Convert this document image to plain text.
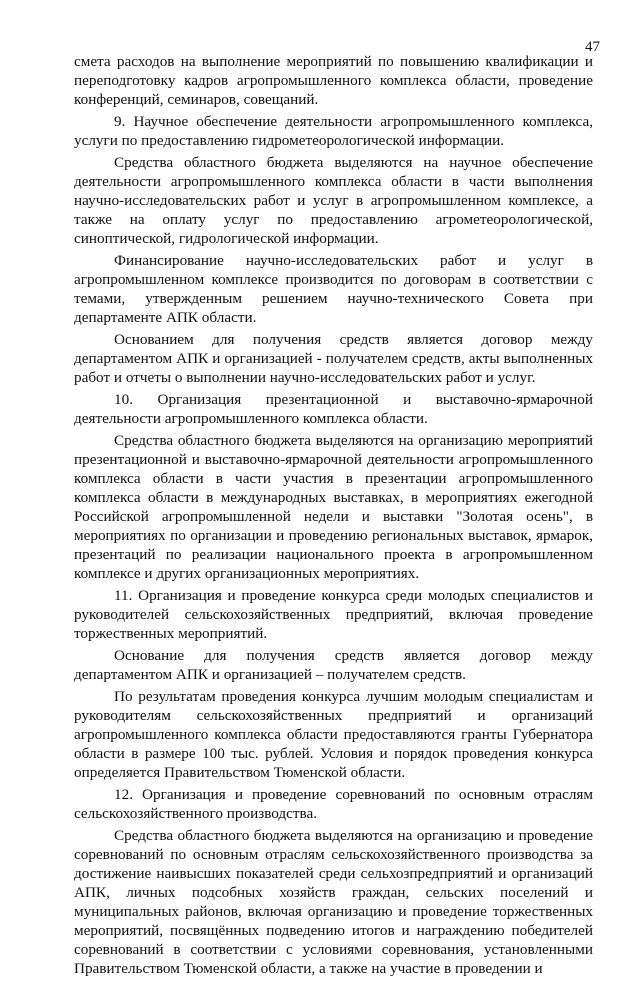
47

смета расходов на выполнение мероприятий по повышению квалификации и переподготовку кадров агропромышленного комплекса области, проведение конференций, семинаров, совещаний.

9. Научное обеспечение деятельности агропромышленного комплекса, услуги по предоставлению гидрометеорологической информации.

Средства областного бюджета выделяются на научное обеспечение деятельности агропромышленного комплекса области в части выполнения научно-исследовательских работ и услуг в агропромышленном комплексе, а также на оплату услуг по предоставлению агрометеорологической, синоптической, гидрологической информации.

Финансирование научно-исследовательских работ и услуг в агропромышленном комплексе производится по договорам в соответствии с темами, утвержденным решением научно-технического Совета при департаменте АПК области.

Основанием для получения средств является договор между департаментом АПК и организацией - получателем средств, акты выполненных работ и отчеты о выполнении научно-исследовательских работ и услуг.

10. Организация презентационной и выставочно-ярмарочной деятельности агропромышленного комплекса области.

Средства областного бюджета выделяются на организацию мероприятий презентационной и выставочно-ярмарочной деятельности агропромышленного комплекса области в части участия в презентации агропромышленного комплекса области в международных выставках, в мероприятиях ежегодной Российской агропромышленной недели и выставки "Золотая осень", в мероприятиях по организации и проведению региональных выставок, ярмарок, презентаций по реализации национального проекта в агропромышленном комплексе и других организационных мероприятиях.

11. Организация и проведение конкурса среди молодых специалистов и руководителей сельскохозяйственных предприятий, включая проведение торжественных мероприятий.

Основание для получения средств является договор между департаментом АПК и организацией – получателем средств.

По результатам проведения конкурса лучшим молодым специалистам и руководителям сельскохозяйственных предприятий и организаций агропромышленного комплекса области предоставляются гранты Губернатора области в размере 100 тыс. рублей. Условия и порядок проведения конкурса определяется Правительством Тюменской области.

12. Организация и проведение соревнований по основным отраслям сельскохозяйственного производства.

Средства областного бюджета выделяются на организацию и проведение соревнований по основным отраслям сельскохозяйственного производства за достижение наивысших показателей среди сельхозпредприятий и организаций АПК, личных подсобных хозяйств граждан, сельских поселений и муниципальных районов, включая организацию и проведение торжественных мероприятий, посвящённых подведению итогов и награждению победителей соревнований в соответствии с условиями соревнования, установленными Правительством Тюменской области, а также на участие в проведении и
